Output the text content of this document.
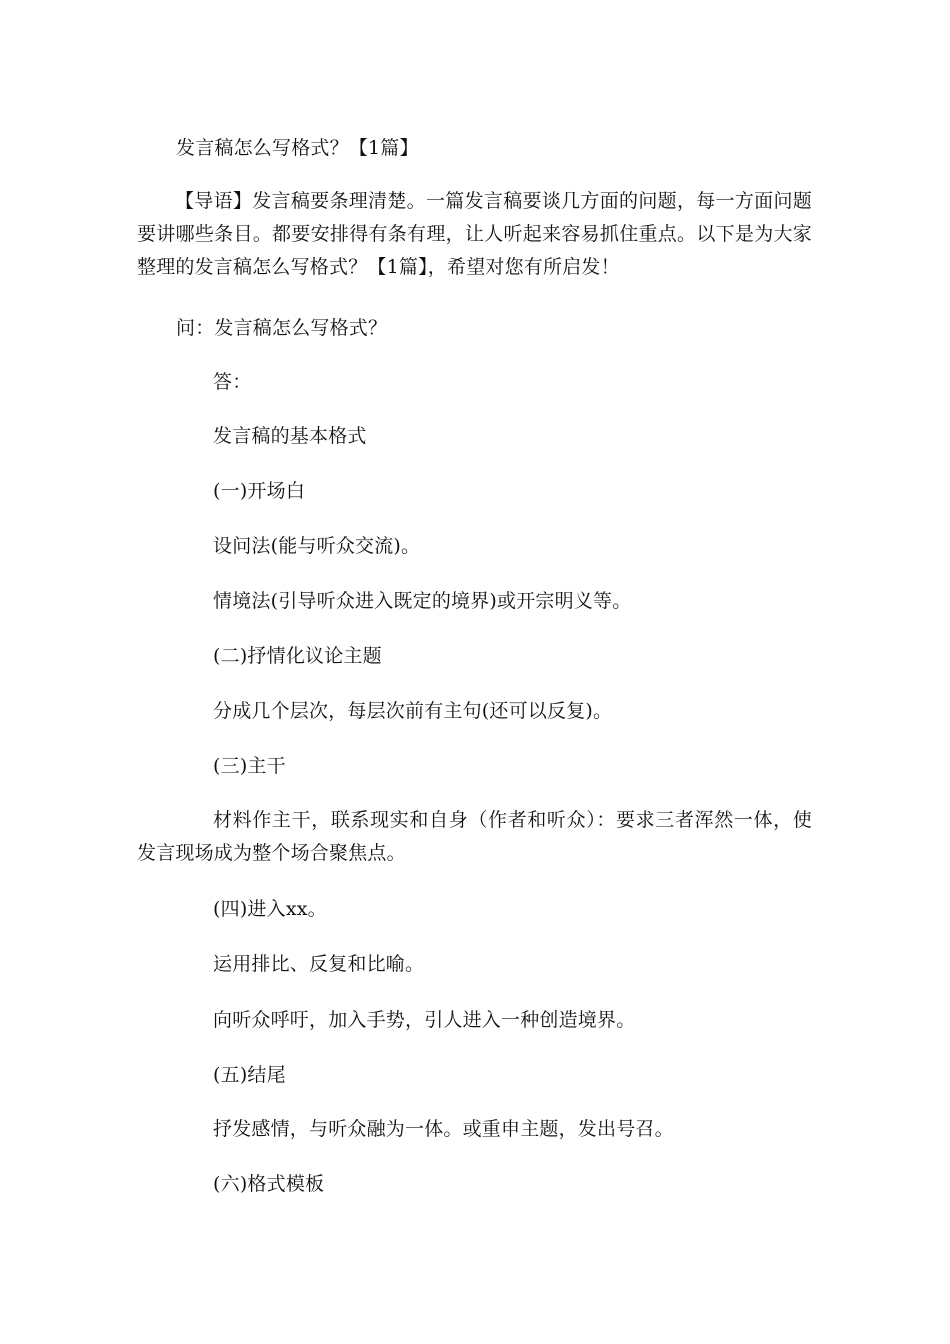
发言稿怎么写格式？【1篇】
【导语】发言稿要条理清楚。一篇发言稿要谈几方面的问题，每一方面问题要讲哪些条目。都要安排得有条有理，让人听起来容易抓住重点。以下是为大家整理的发言稿怎么写格式？【1篇】，希望对您有所启发！
问：发言稿怎么写格式？
答：
发言稿的基本格式
(一)开场白
设问法(能与听众交流)。
情境法(引导听众进入既定的境界)或开宗明义等。
(二)抒情化议论主题
分成几个层次，每层次前有主句(还可以反复)。
(三)主干
材料作主干，联系现实和自身（作者和听众）：要求三者浑然一体，使发言现场成为整个场合聚焦点。
(四)进入xx。
运用排比、反复和比喻。
向听众呼吁，加入手势，引人进入一种创造境界。
(五)结尾
抒发感情，与听众融为一体。或重申主题，发出号召。
(六)格式模板
